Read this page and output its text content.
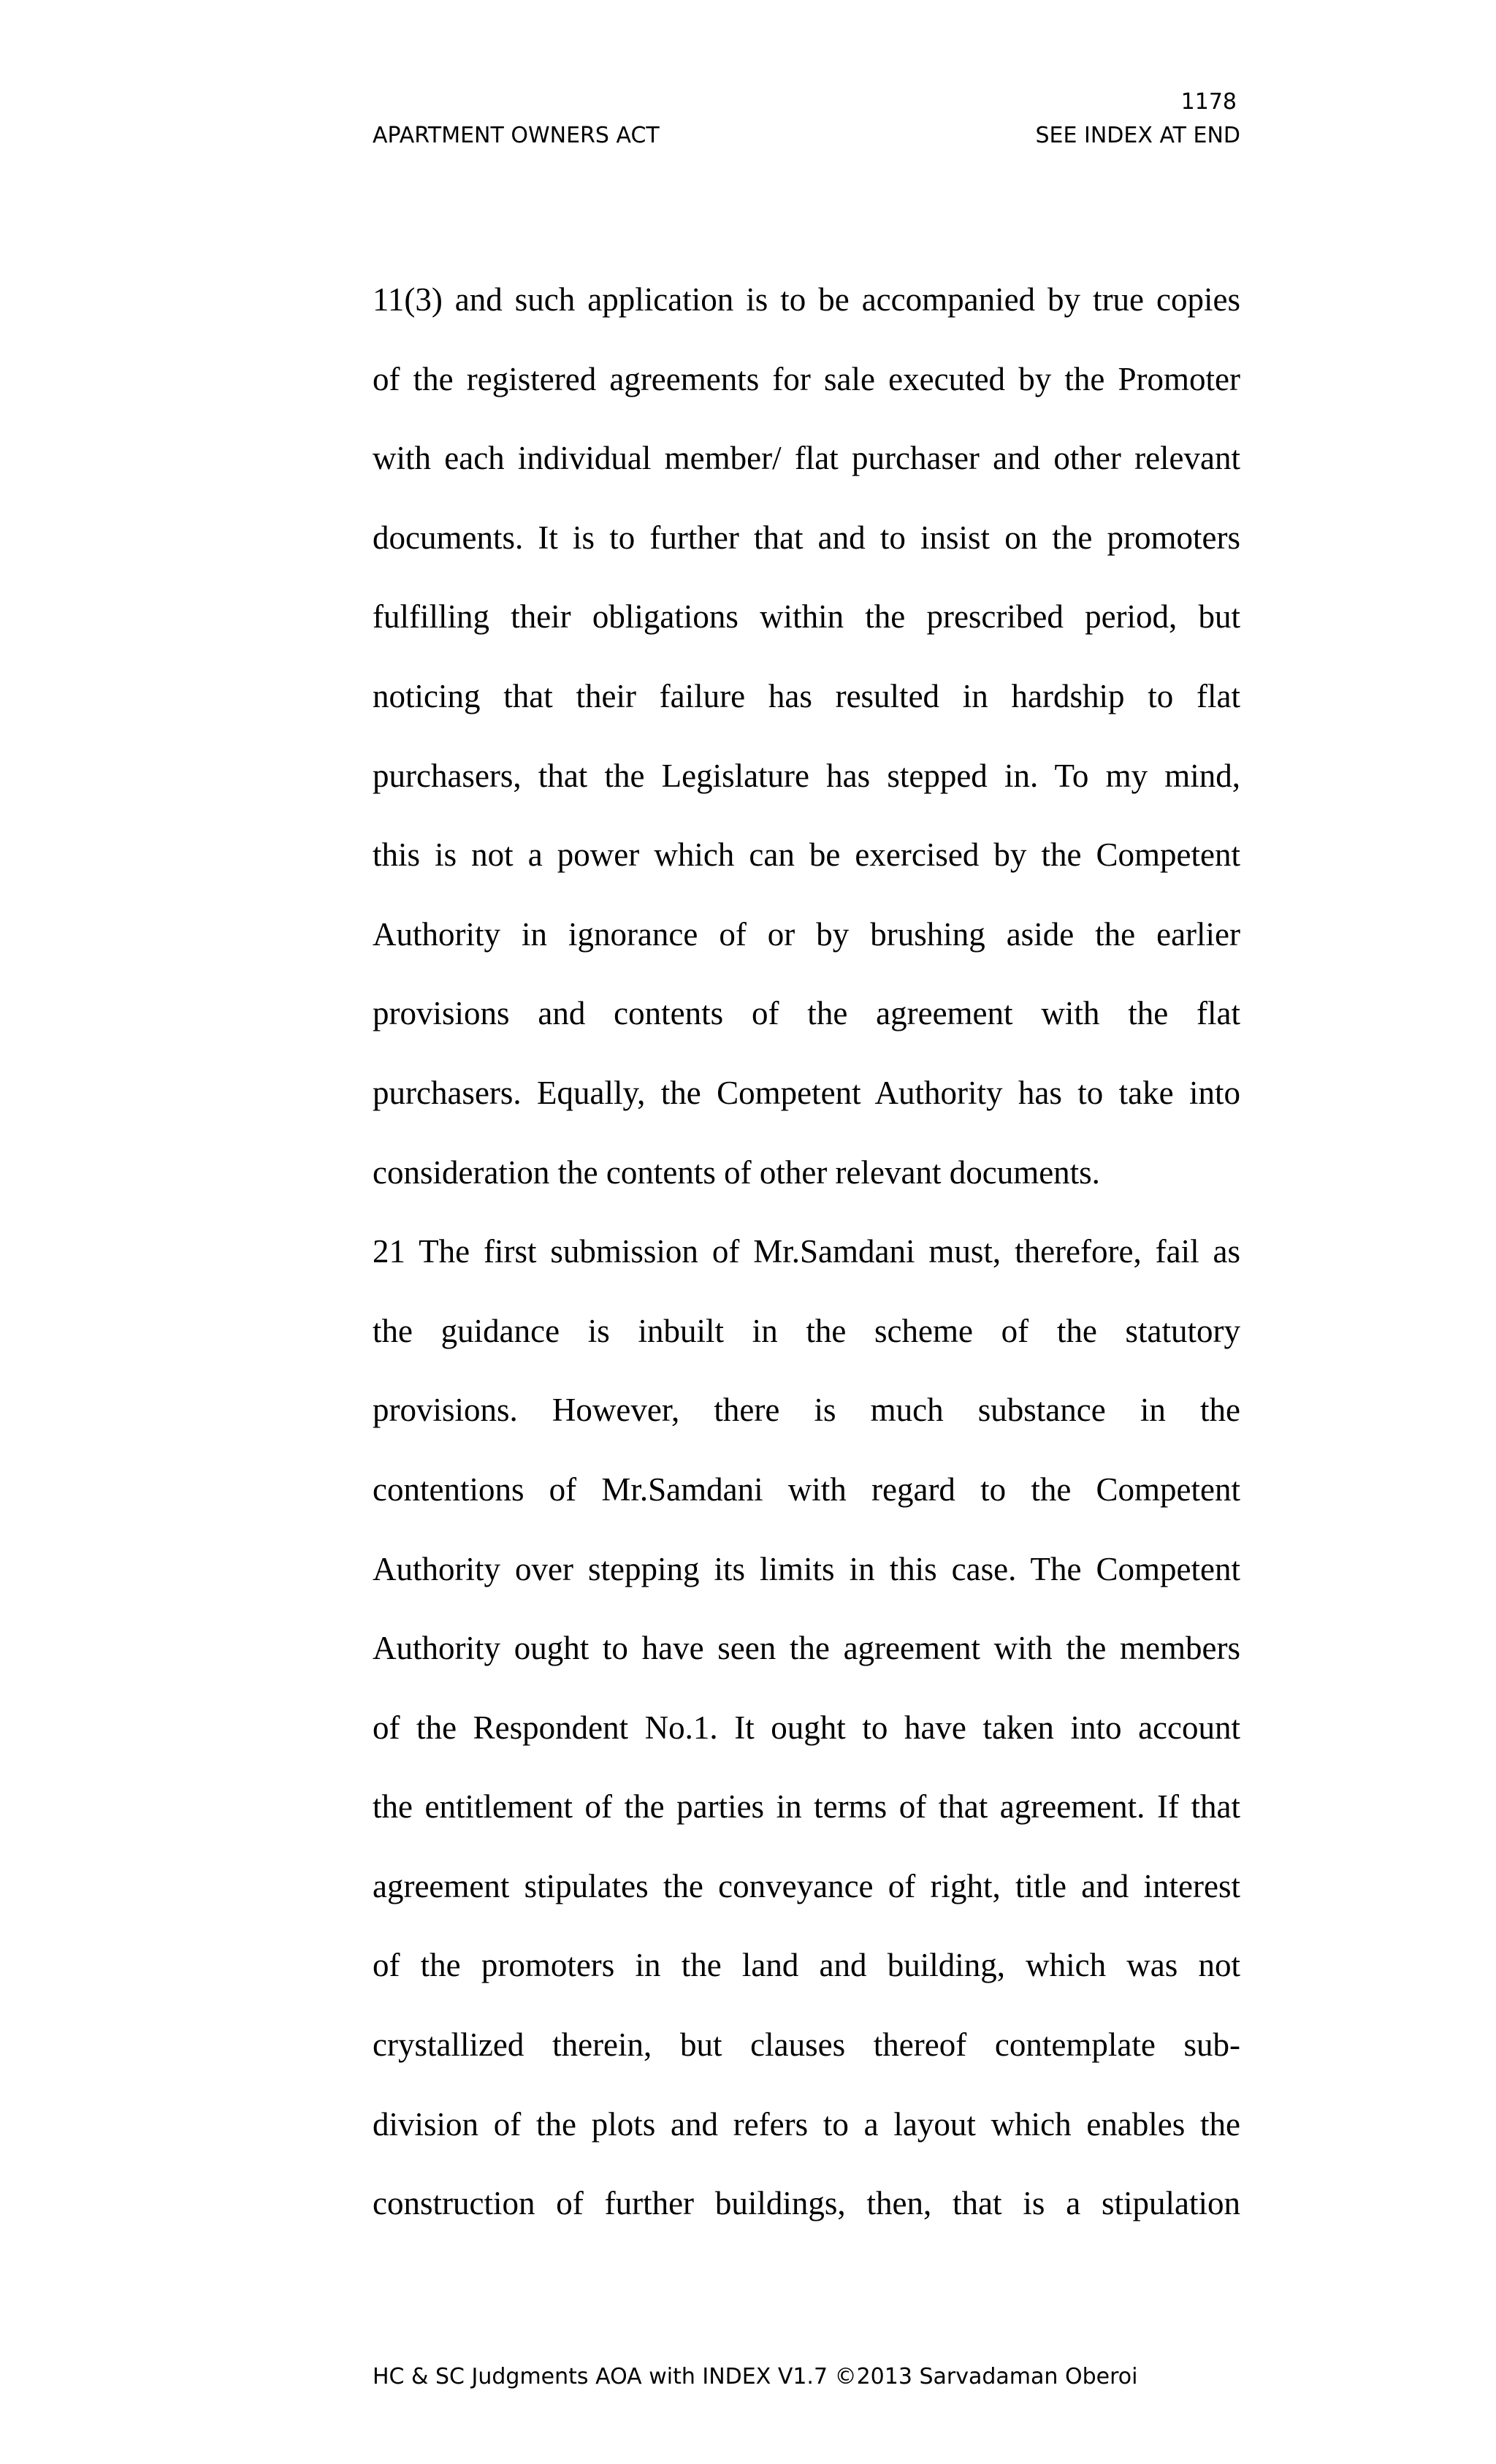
1178
APARTMENT OWNERS ACT	SEE INDEX AT END
11(3) and such application is to be accompanied by true copies
of the registered agreements for sale executed by the Promoter
with each individual member/ flat purchaser and other relevant
documents. It is to further that and to insist on the promoters
fulfilling their obligations within the prescribed period, but
noticing that their failure has resulted in hardship to flat
purchasers, that the Legislature has stepped in. To my mind,
this is not a power which can be exercised by the Competent
Authority in ignorance of or by brushing aside the earlier
provisions and contents of the agreement with the flat
purchasers. Equally, the Competent Authority has to take into
consideration the contents of other relevant documents.
21 The first submission of Mr.Samdani must, therefore, fail as
the guidance is inbuilt in the scheme of the statutory
provisions. However, there is much substance in the
contentions of Mr.Samdani with regard to the Competent
Authority over stepping its limits in this case. The Competent
Authority ought to have seen the agreement with the members
of the Respondent No.1. It ought to have taken into account
the entitlement of the parties in terms of that agreement. If that
agreement stipulates the conveyance of right, title and interest
of the promoters in the land and building, which was not
crystallized therein, but clauses thereof contemplate sub-
division of the plots and refers to a layout which enables the
construction of further buildings, then, that is a stipulation
HC & SC Judgments AOA with INDEX V1.7 ©2013 Sarvadaman Oberoi
